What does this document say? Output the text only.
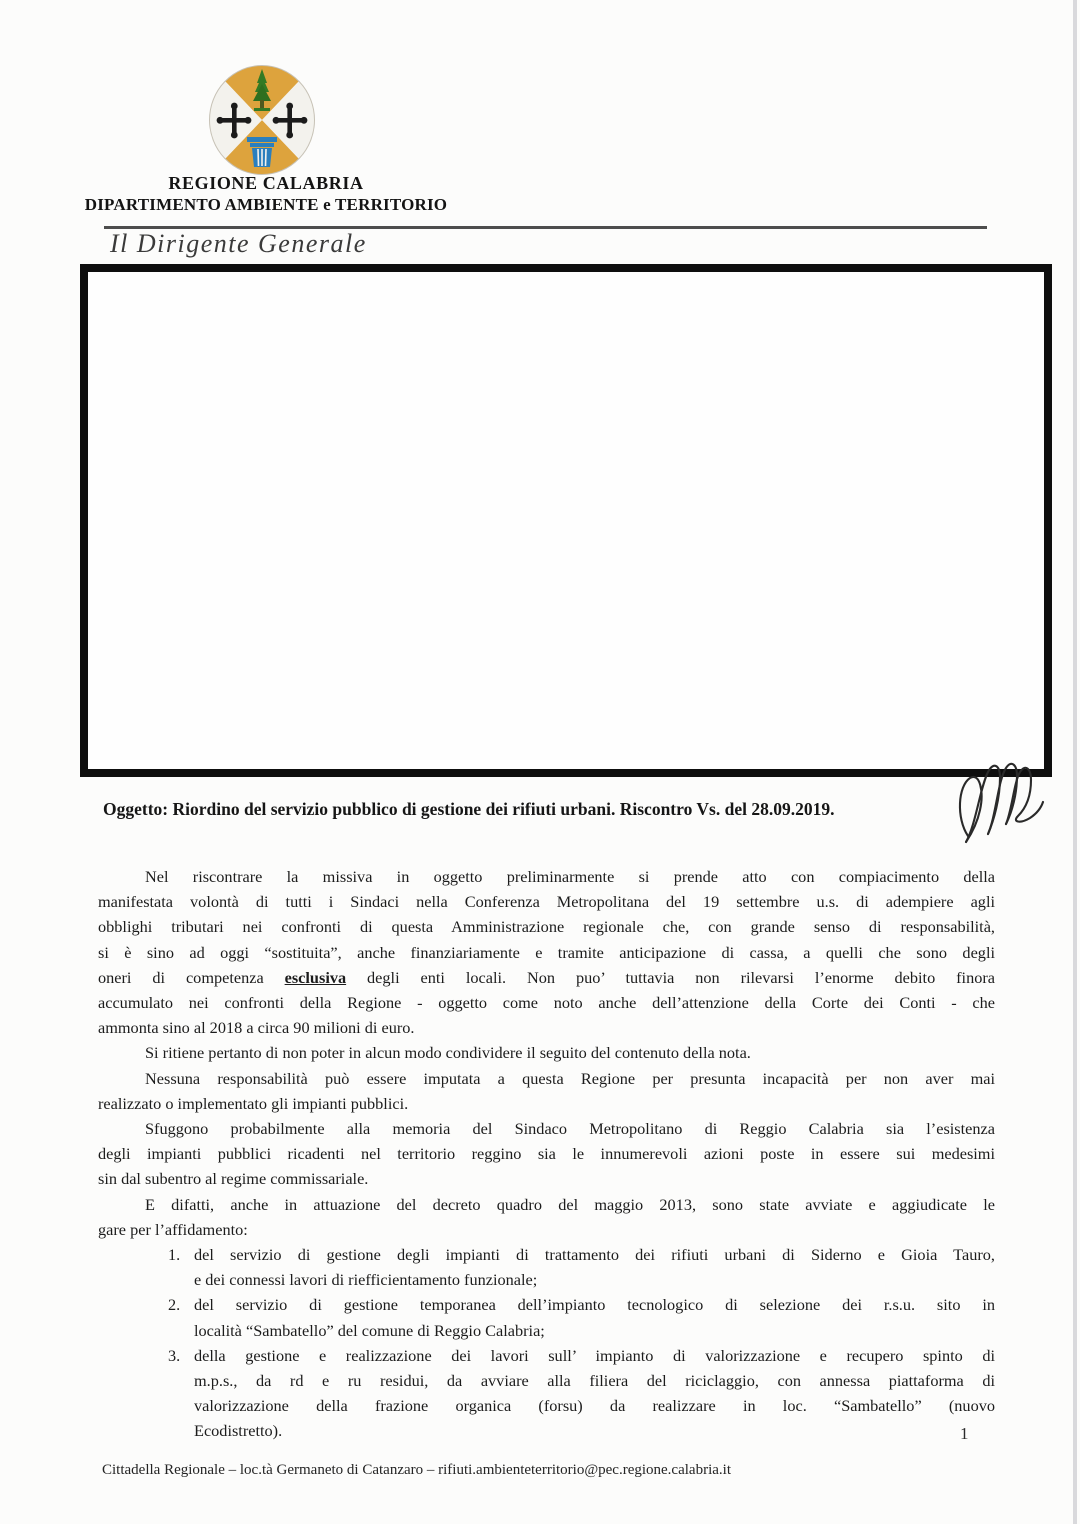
REGIONE CALABRIA
DIPARTIMENTO AMBIENTE e TERRITORIO
Il Dirigente Generale
Oggetto: Riordino del servizio pubblico di gestione dei rifiuti urbani. Riscontro Vs. del 28.09.2019.
Nel riscontrare la missiva in oggetto preliminarmente si prende atto con compiacimento della
manifestata volontà di tutti i Sindaci nella Conferenza Metropolitana del 19 settembre u.s. di adempiere agli
obblighi tributari nei confronti di questa Amministrazione regionale che, con grande senso di responsabilità,
si è sino ad oggi “sostituita”, anche finanziariamente e tramite anticipazione di cassa, a quelli che sono degli
oneri di competenza esclusiva degli enti locali. Non puo’ tuttavia non rilevarsi l’enorme debito finora
accumulato nei confronti della Regione - oggetto come noto anche dell’attenzione della Corte dei Conti - che
ammonta sino al 2018 a circa 90 milioni di euro.
Si ritiene pertanto di non poter in alcun modo condividere il seguito del contenuto della nota.
Nessuna responsabilità può essere imputata a questa Regione per presunta incapacità per non aver mai
realizzato o implementato gli impianti pubblici.
Sfuggono probabilmente alla memoria del Sindaco Metropolitano di Reggio Calabria sia l’esistenza
degli impianti pubblici ricadenti nel territorio reggino sia le innumerevoli azioni poste in essere sui medesimi
sin dal subentro al regime commissariale.
E difatti, anche in attuazione del decreto quadro del maggio 2013, sono state avviate e aggiudicate le
gare per l’affidamento:
1. del servizio di gestione degli impianti di trattamento dei rifiuti urbani di Siderno e Gioia Tauro,
e dei connessi lavori di riefficientamento funzionale;
2. del servizio di gestione temporanea dell’impianto tecnologico di selezione dei r.s.u. sito in
località “Sambatello” del comune di Reggio Calabria;
3. della gestione e realizzazione dei lavori sull’ impianto di valorizzazione e recupero spinto di
m.p.s., da rd e ru residui, da avviare alla filiera del riciclaggio, con annessa piattaforma di
valorizzazione della frazione organica (forsu) da realizzare in loc. “Sambatello” (nuovo
Ecodistretto).	1
Cittadella Regionale – loc.tà Germaneto di Catanzaro – rifiuti.ambienteterritorio@pec.regione.calabria.it
